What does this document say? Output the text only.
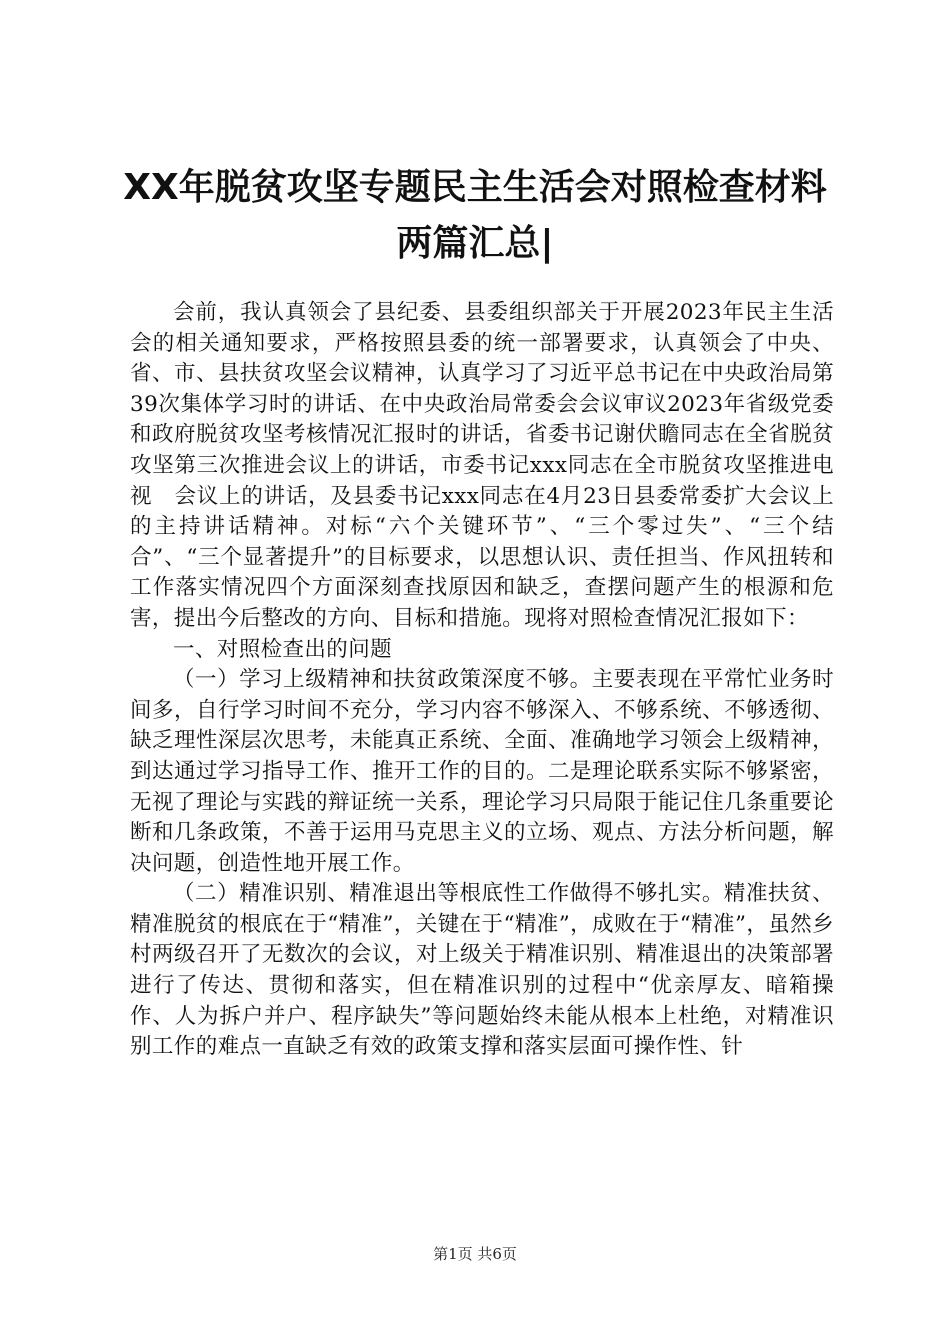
XX年脱贫攻坚专题民主生活会对照检查材料
两篇汇总|

会前，我认真领会了县纪委、县委组织部关于开展2023年民主生活会的相关通知要求，严格按照县委的统一部署要求，认真领会了中央、省、市、县扶贫攻坚会议精神，认真学习了习近平总书记在中央政治局第39次集体学习时的讲话、在中央政治局常委会会议审议2023年省级党委和政府脱贫攻坚考核情况汇报时的讲话，省委书记谢伏瞻同志在全省脱贫攻坚第三次推进会议上的讲话，市委书记xxx同志在全市脱贫攻坚推进电视　会议上的讲话，及县委书记xxx同志在4月23日县委常委扩大会议上的主持讲话精神。对标“六个关键环节”、“三个零过失”、“三个结合”、“三个显著提升”的目标要求，以思想认识、责任担当、作风扭转和工作落实情况四个方面深刻查找原因和缺乏，查摆问题产生的根源和危害，提出今后整改的方向、目标和措施。现将对照检查情况汇报如下：

一、对照检查出的问题

（一）学习上级精神和扶贫政策深度不够。主要表现在平常忙业务时间多，自行学习时间不充分，学习内容不够深入、不够系统、不够透彻、缺乏理性深层次思考，未能真正系统、全面、准确地学习领会上级精神，到达通过学习指导工作、推开工作的目的。二是理论联系实际不够紧密，无视了理论与实践的辩证统一关系，理论学习只局限于能记住几条重要论断和几条政策，不善于运用马克思主义的立场、观点、方法分析问题，解决问题，创造性地开展工作。

（二）精准识别、精准退出等根底性工作做得不够扎实。精准扶贫、精准脱贫的根底在于“精准”，关键在于“精准”，成败在于“精准”，虽然乡村两级召开了无数次的会议，对上级关于精准识别、精准退出的决策部署进行了传达、贯彻和落实，但在精准识别的过程中“优亲厚友、暗箱操作、人为拆户并户、程序缺失”等问题始终未能从根本上杜绝，对精准识别工作的难点一直缺乏有效的政策支撑和落实层面可操作性、针

第1页 共6页
